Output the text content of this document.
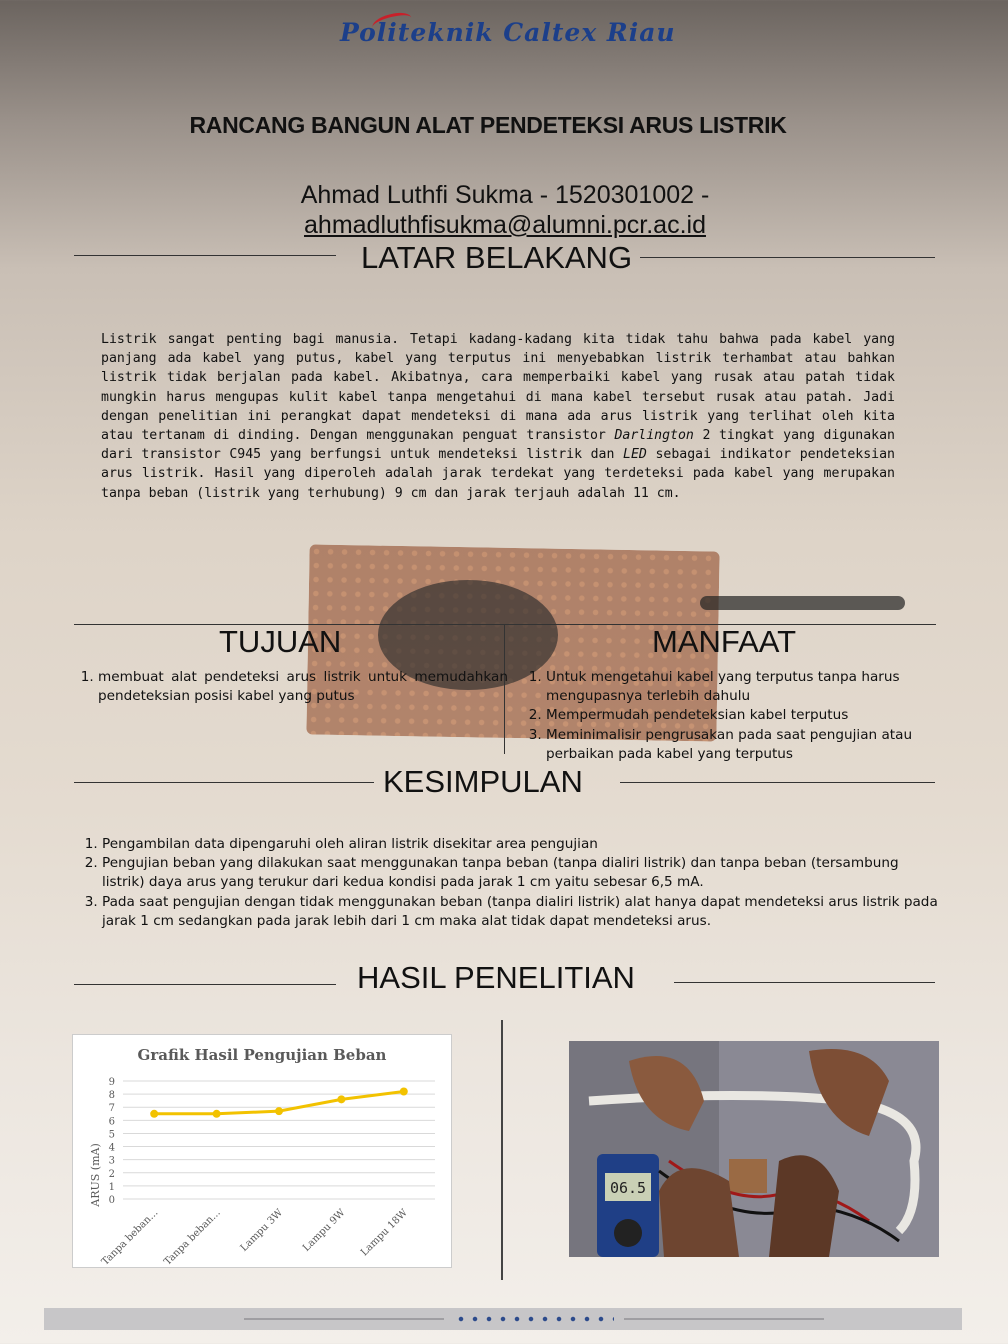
Politeknik Caltex Riau
RANCANG BANGUN ALAT PENDETEKSI ARUS LISTRIK
Ahmad Luthfi Sukma - 1520301002 -
ahmadluthfisukma@alumni.pcr.ac.id
LATAR BELAKANG
Listrik sangat penting bagi manusia. Tetapi kadang-kadang kita tidak tahu bahwa pada kabel yang panjang ada kabel yang putus, kabel yang terputus ini menyebabkan listrik terhambat atau bahkan listrik tidak berjalan pada kabel. Akibatnya, cara memperbaiki kabel yang rusak atau patah tidak mungkin harus mengupas kulit kabel tanpa mengetahui di mana kabel tersebut rusak atau patah. Jadi dengan penelitian ini perangkat dapat mendeteksi di mana ada arus listrik yang terlihat oleh kita atau tertanam di dinding. Dengan menggunakan penguat transistor Darlington 2 tingkat yang digunakan dari transistor C945 yang berfungsi untuk mendeteksi listrik dan LED sebagai indikator pendeteksian arus listrik. Hasil yang diperoleh adalah jarak terdekat yang terdeteksi pada kabel yang merupakan tanpa beban (listrik yang terhubung) 9 cm dan jarak terjauh adalah 11 cm.
TUJUAN	MANFAAT
1. membuat alat pendeteksi arus listrik untuk memudahkan pendeteksian posisi kabel yang putus
1. Untuk mengetahui kabel yang terputus tanpa harus mengupasnya terlebih dahulu
2. Mempermudah pendeteksian kabel terputus
3. Meminimalisir pengrusakan pada saat pengujian atau perbaikan pada kabel yang terputus
KESIMPULAN
1. Pengambilan data dipengaruhi oleh aliran listrik disekitar area pengujian
2. Pengujian beban yang dilakukan saat menggunakan tanpa beban (tanpa dialiri listrik) dan tanpa beban (tersambung listrik) daya arus yang terukur dari kedua kondisi pada jarak 1 cm yaitu sebesar 6,5 mA.
3. Pada saat pengujian dengan tidak menggunakan beban (tanpa dialiri listrik) alat hanya dapat mendeteksi arus listrik pada jarak 1 cm sedangkan pada jarak lebih dari 1 cm maka alat tidak dapat mendeteksi arus.
HASIL PENELITIAN
Grafik Hasil Pengujian Beban
ARUS (mA) 0
1
2
3
4
5
6
7
8
9
Tanpa beban... Tanpa beban... Lampu 3W Lampu 9W Lampu 18W
06.5
